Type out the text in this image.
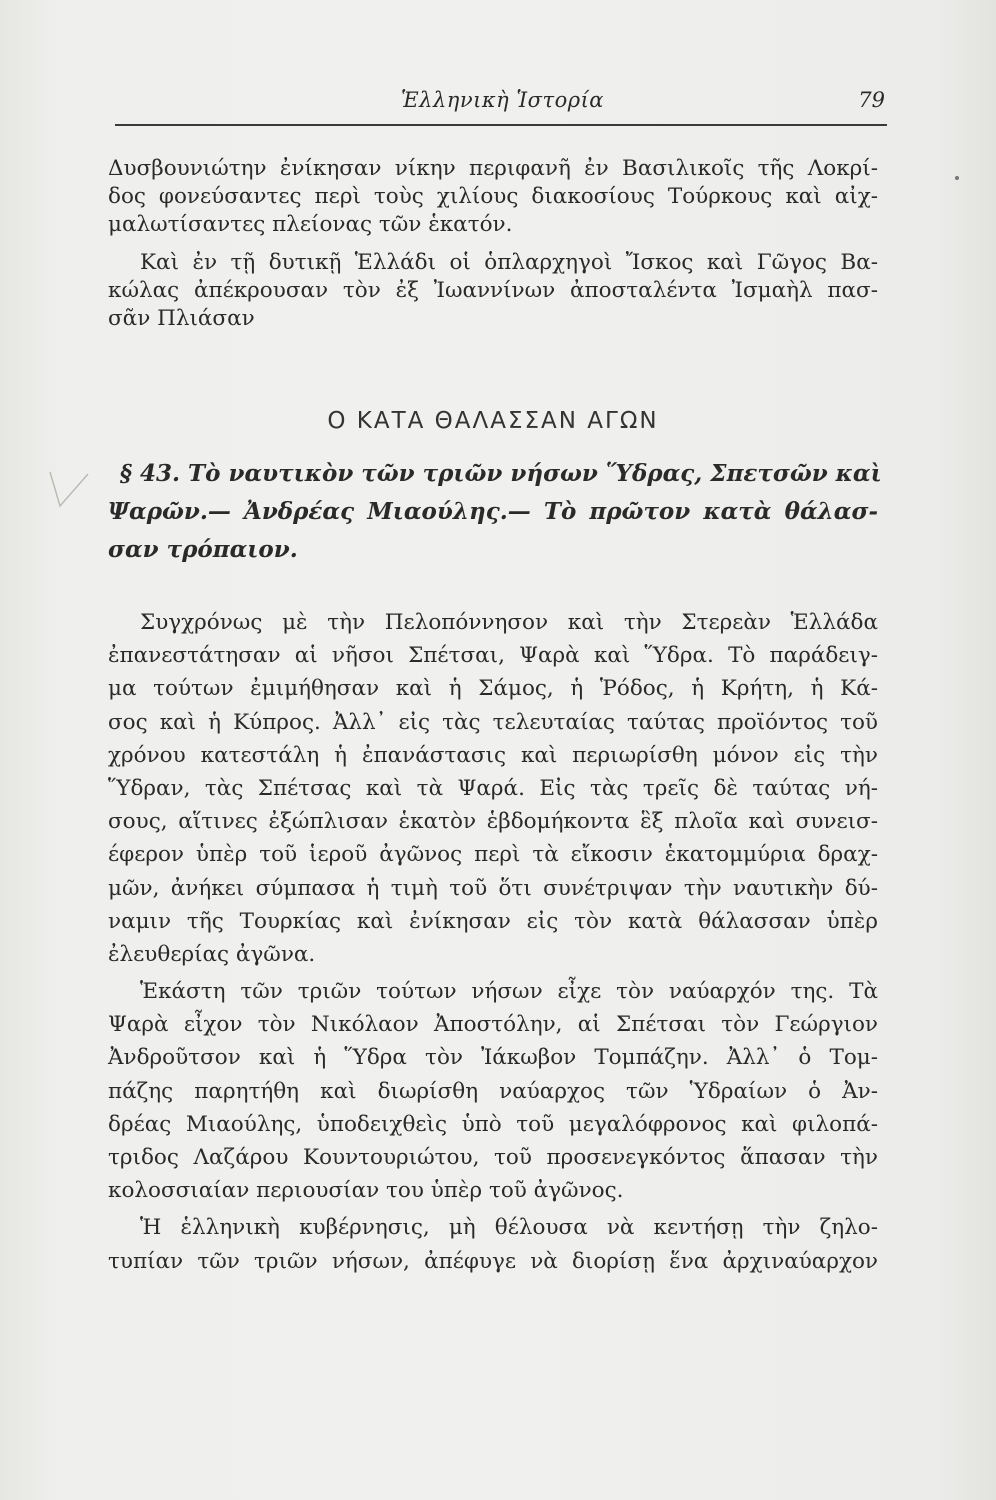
Ἑλληνικὴ Ἱστορία	79
Δυσβουνιώτην ἐνίκησαν νίκην περιφανῆ ἐν Βασιλικοῖς τῆς Λοκρί-
δος φονεύσαντες περὶ τοὺς χιλίους διακοσίους Τούρκους καὶ αἰχ-
μαλωτίσαντες πλείονας τῶν ἑκατόν.
Καὶ ἐν τῇ δυτικῇ Ἑλλάδι οἱ ὁπλαρχηγοὶ Ἴσκος καὶ Γῶγος Βα-
κώλας ἀπέκρουσαν τὸν ἐξ Ἰωαννίνων ἀποσταλέντα Ἰσμαὴλ πασ-
σᾶν Πλιάσαν
Ο ΚΑΤΑ ΘΑΛΑΣΣΑΝ ΑΓΩΝ
§ 43. Τὸ ναυτικὸν τῶν τριῶν νήσων Ὕδρας, Σπετσῶν καὶ
Ψαρῶν.— Ἀνδρέας Μιαούλης.— Τὸ πρῶτον κατὰ θάλασ-
σαν τρόπαιον.
Συγχρόνως μὲ τὴν Πελοπόννησον καὶ τὴν Στερεὰν Ἑλλάδα
ἐπανεστάτησαν αἱ νῆσοι Σπέτσαι, Ψαρὰ καὶ Ὕδρα. Τὸ παράδειγ-
μα τούτων ἐμιμήθησαν καὶ ἡ Σάμος, ἡ Ῥόδος, ἡ Κρήτη, ἡ Κά-
σος καὶ ἡ Κύπρος. Ἀλλ᾿ εἰς τὰς τελευταίας ταύτας προϊόντος τοῦ
χρόνου κατεστάλη ἡ ἐπανάστασις καὶ περιωρίσθη μόνον εἰς τὴν
Ὕδραν, τὰς Σπέτσας καὶ τὰ Ψαρά. Εἰς τὰς τρεῖς δὲ ταύτας νή-
σους, αἵτινες ἐξώπλισαν ἑκατὸν ἑβδομήκοντα ἓξ πλοῖα καὶ συνεισ-
έφερον ὑπὲρ τοῦ ἱεροῦ ἀγῶνος περὶ τὰ εἴκοσιν ἑκατομμύρια δραχ-
μῶν, ἀνήκει σύμπασα ἡ τιμὴ τοῦ ὅτι συνέτριψαν τὴν ναυτικὴν δύ-
ναμιν τῆς Τουρκίας καὶ ἐνίκησαν εἰς τὸν κατὰ θάλασσαν ὑπὲρ
ἐλευθερίας ἀγῶνα.
Ἑκάστη τῶν τριῶν τούτων νήσων εἶχε τὸν ναύαρχόν της. Τὰ
Ψαρὰ εἶχον τὸν Νικόλαον Ἀποστόλην, αἱ Σπέτσαι τὸν Γεώργιον
Ἀνδροῦτσον καὶ ἡ Ὕδρα τὸν Ἰάκωβον Τομπάζην. Ἀλλ᾿ ὁ Τομ-
πάζης παρητήθη καὶ διωρίσθη ναύαρχος τῶν Ὑδραίων ὁ Ἀν-
δρέας Μιαούλης, ὑποδειχθεὶς ὑπὸ τοῦ μεγαλόφρονος καὶ φιλοπά-
τριδος Λαζάρου Κουντουριώτου, τοῦ προσενεγκόντος ἅπασαν τὴν
κολοσσιαίαν περιουσίαν του ὑπὲρ τοῦ ἀγῶνος.
Ἡ ἑλληνικὴ κυβέρνησις, μὴ θέλουσα νὰ κεντήσῃ τὴν ζηλο-
τυπίαν τῶν τριῶν νήσων, ἀπέφυγε νὰ διορίσῃ ἕνα ἀρχιναύαρχον
